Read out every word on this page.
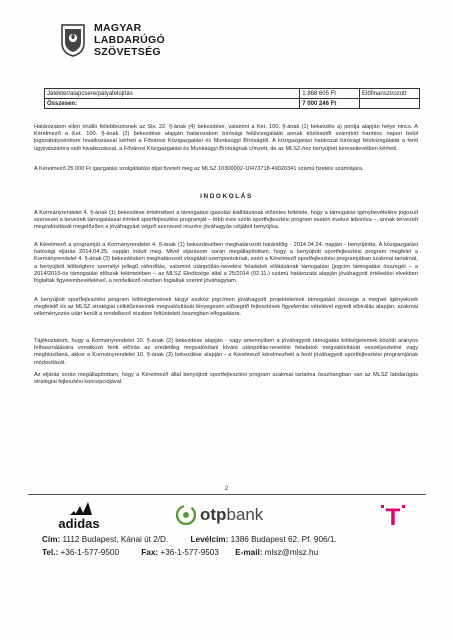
MAGYAR
LABDARÚGÓ
SZÖVETSÉG
Játékter/alapcsere/pályafelújítás	1 868 605 Ft	Előfinanszírozott
Összesen:	7 000 246 Ft	

Határozatom ellen önálló fellebbezésnek az Stv. 22. §-ának (4) bekezdése, valamint a Ket. 100. §-ának (1) bekezdés a) pontja alapján helye nincs. A Kérelmező a Ket. 100. §-ának (2) bekezdése alapján határozatom bírósági felülvizsgálatát annak közlésétől számított harminc napon belül jogszabálysértésre hivatkozással kérheti a Fővárosi Közigazgatási és Munkaügyi Bíróságtól. A közigazgatási határozat bírósági felülvizsgálatát a fenti ügyiratszámra való hivatkozással, a Fővárosi Közigazgatási és Munkaügyi Bíróságnak címzett, de az MLSZ-hez benyújtott keresetlevélben kérheti.

A Kérelmező 25 000 Ft igazgatási szolgáltatási díjat fizetett meg az MLSZ 10300002-10473718-49020341 számú fizetési számlájára.

INDOKOLÁS

A Kormányrendelet 4. §-ának (1) bekezdése értelmében a támogatási igazolás kiállításának előzetes feltétele, hogy a támogatás igénybevételére jogosult szervezet a tervezett támogatással érintett sportfejlesztési programját – több évre szóló sportfejlesztési program esetén évekre lebontva –, annak tervezett megvalósítását megelőzően a jóváhagyást végző szervezet részére jóváhagyás céljából benyújtsa.

A Kérelmező a programját a Kormányrendelet 4. §-ának (1) bekezdésében meghatározott határidőig - 2014.04.24. napján - benyújtotta. A közigazgatási hatósági eljárás 2014.04.25. napján indult meg. Mivel eljárásom során megállapítottam, hogy a benyújtott sportfejlesztési program megfelel a Kormányrendelet 4. §-ának (3) bekezdésben meghatározott vizsgálati szempontoknak, ezért a Kérelmező sportfejlesztési programjában szakmai tartalmat, a benyújtott költségterv személyi jellegű ráfordítás, valamint utánpótlás-nevelési feladatok ellátásának támogatási (jogcím támogatási összegét – a 2014/2015-ös támogatási időszak tekintetében – az MLSZ Elnöksége által a 25/2014 (02.11.) számú határozata alapján jóváhagyott értékelési elvekben foglaltak figyelembevételével, a rendelkező részben foglaltak szerint jóváhagytam.

A benyújtott sportfejlesztési program költségtervének tárgyi eszköz jogcímen jóváhagyott projektelemek támogatási összege a megvel igényeknek megfelelő és az MLSZ stratégiai célkitűzéseinek megvalósítását lényegesen elősegítő fejlesztések figyelembe vételével egyedi elbírálás alapján, szakmai véleményezés után került a rendelkező részben feltüntetett összegben elfogadásra.

Tájékoztatom, hogy a Kormányrendelet 10. §-ának (2) bekezdése alapján - vagy amennyiben a jóváhagyott támogatás költségelemek közötti arányos felhasználására vonatkozó fenti előírás az eredetileg megvalósítani kívánt utánpótlás-nevelési feladatok megvalósítását veszélyeztetné vagy meghiúsítaná, akkor a Kormányrendelet 10. §-ának (3) bekezdése alapján - a Kérelmező kérelmezheti a fenti jóváhagyott sportfejlesztési programjának módosítását.

Az eljárás során megállapítottam, hogy a Kérelmező által benyújtott sportfejlesztési program szakmai tartalma összhangban van az MLSZ labdarúgás stratégiai fejlesztési koncepciójával.

2
adidas	otpbank	T
Cím: 1112 Budapest, Kánai út 2/D.	Levélcím: 1386 Budapest 62. Pf. 906/1.
Tel.: +36-1-577-9500	Fax: +36-1-577-9503 E-mail: mlsz@mlsz.hu
